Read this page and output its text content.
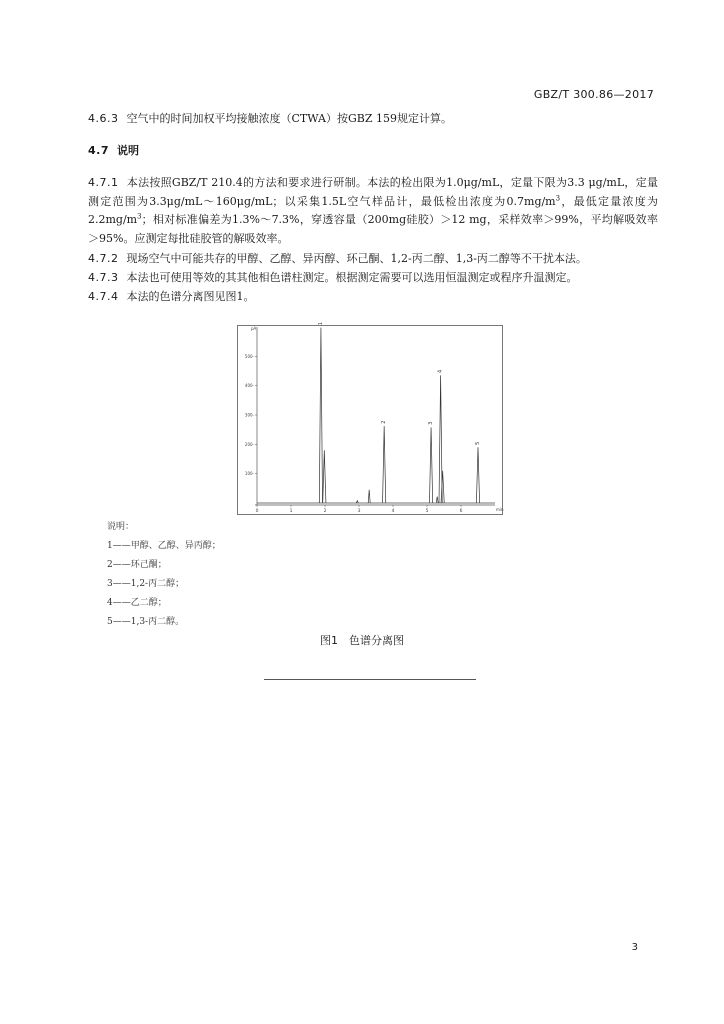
GBZ/T 300.86—2017

4.6.3 空气中的时间加权平均接触浓度（CTWA）按GBZ 159规定计算。

4.7 说明

4.7.1 本法按照GBZ/T 210.4的方法和要求进行研制。本法的检出限为1.0μg/mL，定量下限为3.3 μg/mL，定量测定范围为3.3μg/mL～160μg/mL；以采集1.5L空气样品计，最低检出浓度为$0.7mg/m^3$，最低定量浓度为$2.2mg/m^3$；相对标准偏差为1.3%～7.3%，穿透容量（200mg硅胶）＞12 mg，采样效率＞99%，平均解吸效率＞95%。应测定每批硅胶管的解吸效率。

4.7.2 现场空气中可能共存的甲醇、乙醇、异丙醇、环己酮、1,2-丙二醇、1,3-丙二醇等不干扰本法。

4.7.3 本法也可使用等效的其其他相色谱柱测定。根据测定需要可以选用恒温测定或程序升温测定。

4.7.4 本法的色谱分离图见图1。

pA
min
100-
200-
300-
400-
500-
0	1	2	3	4	5	6
1
2	3
4
5
说明：
1——甲醇、乙醇、异丙醇；
2——环己酮；
3——1,2-丙二醇；
4——乙二醇；
5——1,3-丙二醇。
图1　色谱分离图
3
